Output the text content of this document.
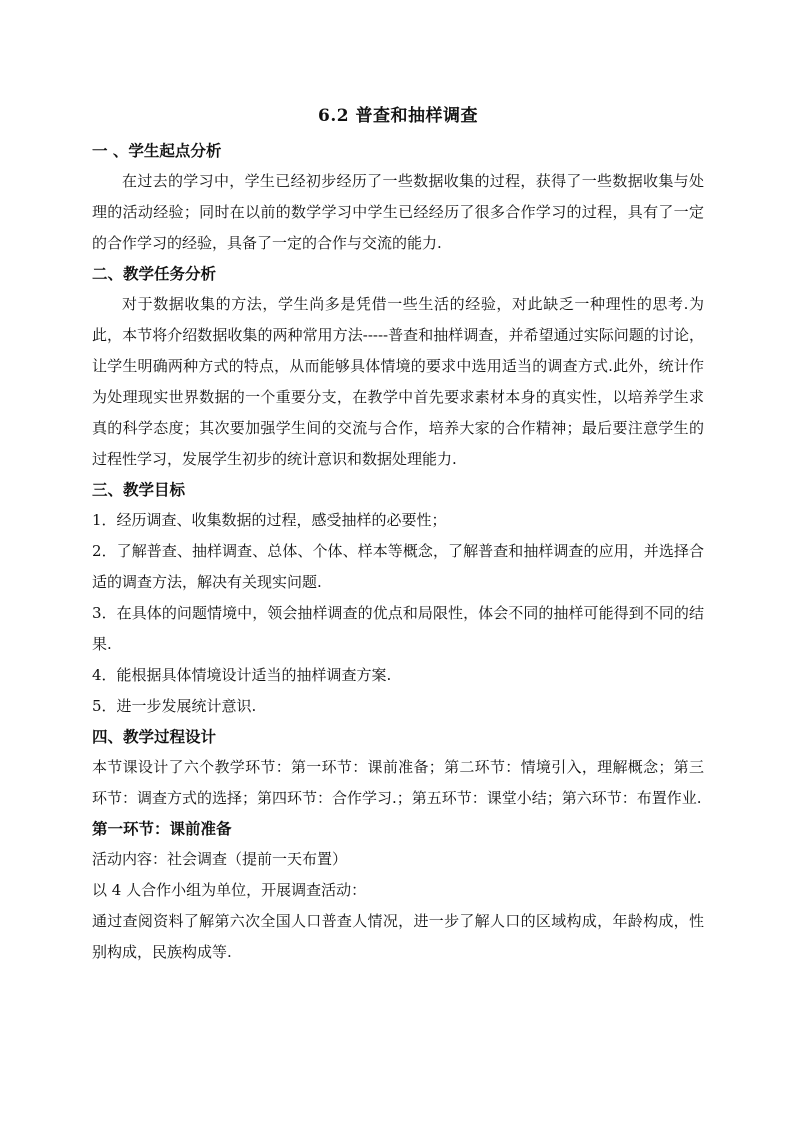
6.2 普查和抽样调查
一 、学生起点分析

在过去的学习中，学生已经初步经历了一些数据收集的过程，获得了一些数据收集与处理的活动经验；同时在以前的数学学习中学生已经经历了很多合作学习的过程，具有了一定的合作学习的经验，具备了一定的合作与交流的能力.

二、教学任务分析

对于数据收集的方法，学生尚多是凭借一些生活的经验，对此缺乏一种理性的思考.为此，本节将介绍数据收集的两种常用方法-----普查和抽样调查，并希望通过实际问题的讨论，让学生明确两种方式的特点，从而能够具体情境的要求中选用适当的调查方式.此外，统计作为处理现实世界数据的一个重要分支，在教学中首先要求素材本身的真实性，以培养学生求真的科学态度；其次要加强学生间的交流与合作，培养大家的合作精神；最后要注意学生的过程性学习，发展学生初步的统计意识和数据处理能力.

三、教学目标

1．经历调查、收集数据的过程，感受抽样的必要性；

2．了解普查、抽样调查、总体、个体、样本等概念，了解普查和抽样调查的应用，并选择合适的调查方法，解决有关现实问题.

3．在具体的问题情境中，领会抽样调查的优点和局限性，体会不同的抽样可能得到不同的结果.

4．能根据具体情境设计适当的抽样调查方案.

5．进一步发展统计意识.

四、教学过程设计

本节课设计了六个教学环节：第一环节：课前准备；第二环节：情境引入，理解概念；第三环节：调查方式的选择；第四环节：合作学习.；第五环节：课堂小结；第六环节：布置作业.

第一环节：课前准备

活动内容：社会调查（提前一天布置）

以 4 人合作小组为单位，开展调查活动：

通过查阅资料了解第六次全国人口普查人情况，进一步了解人口的区域构成，年龄构成，性别构成，民族构成等.
